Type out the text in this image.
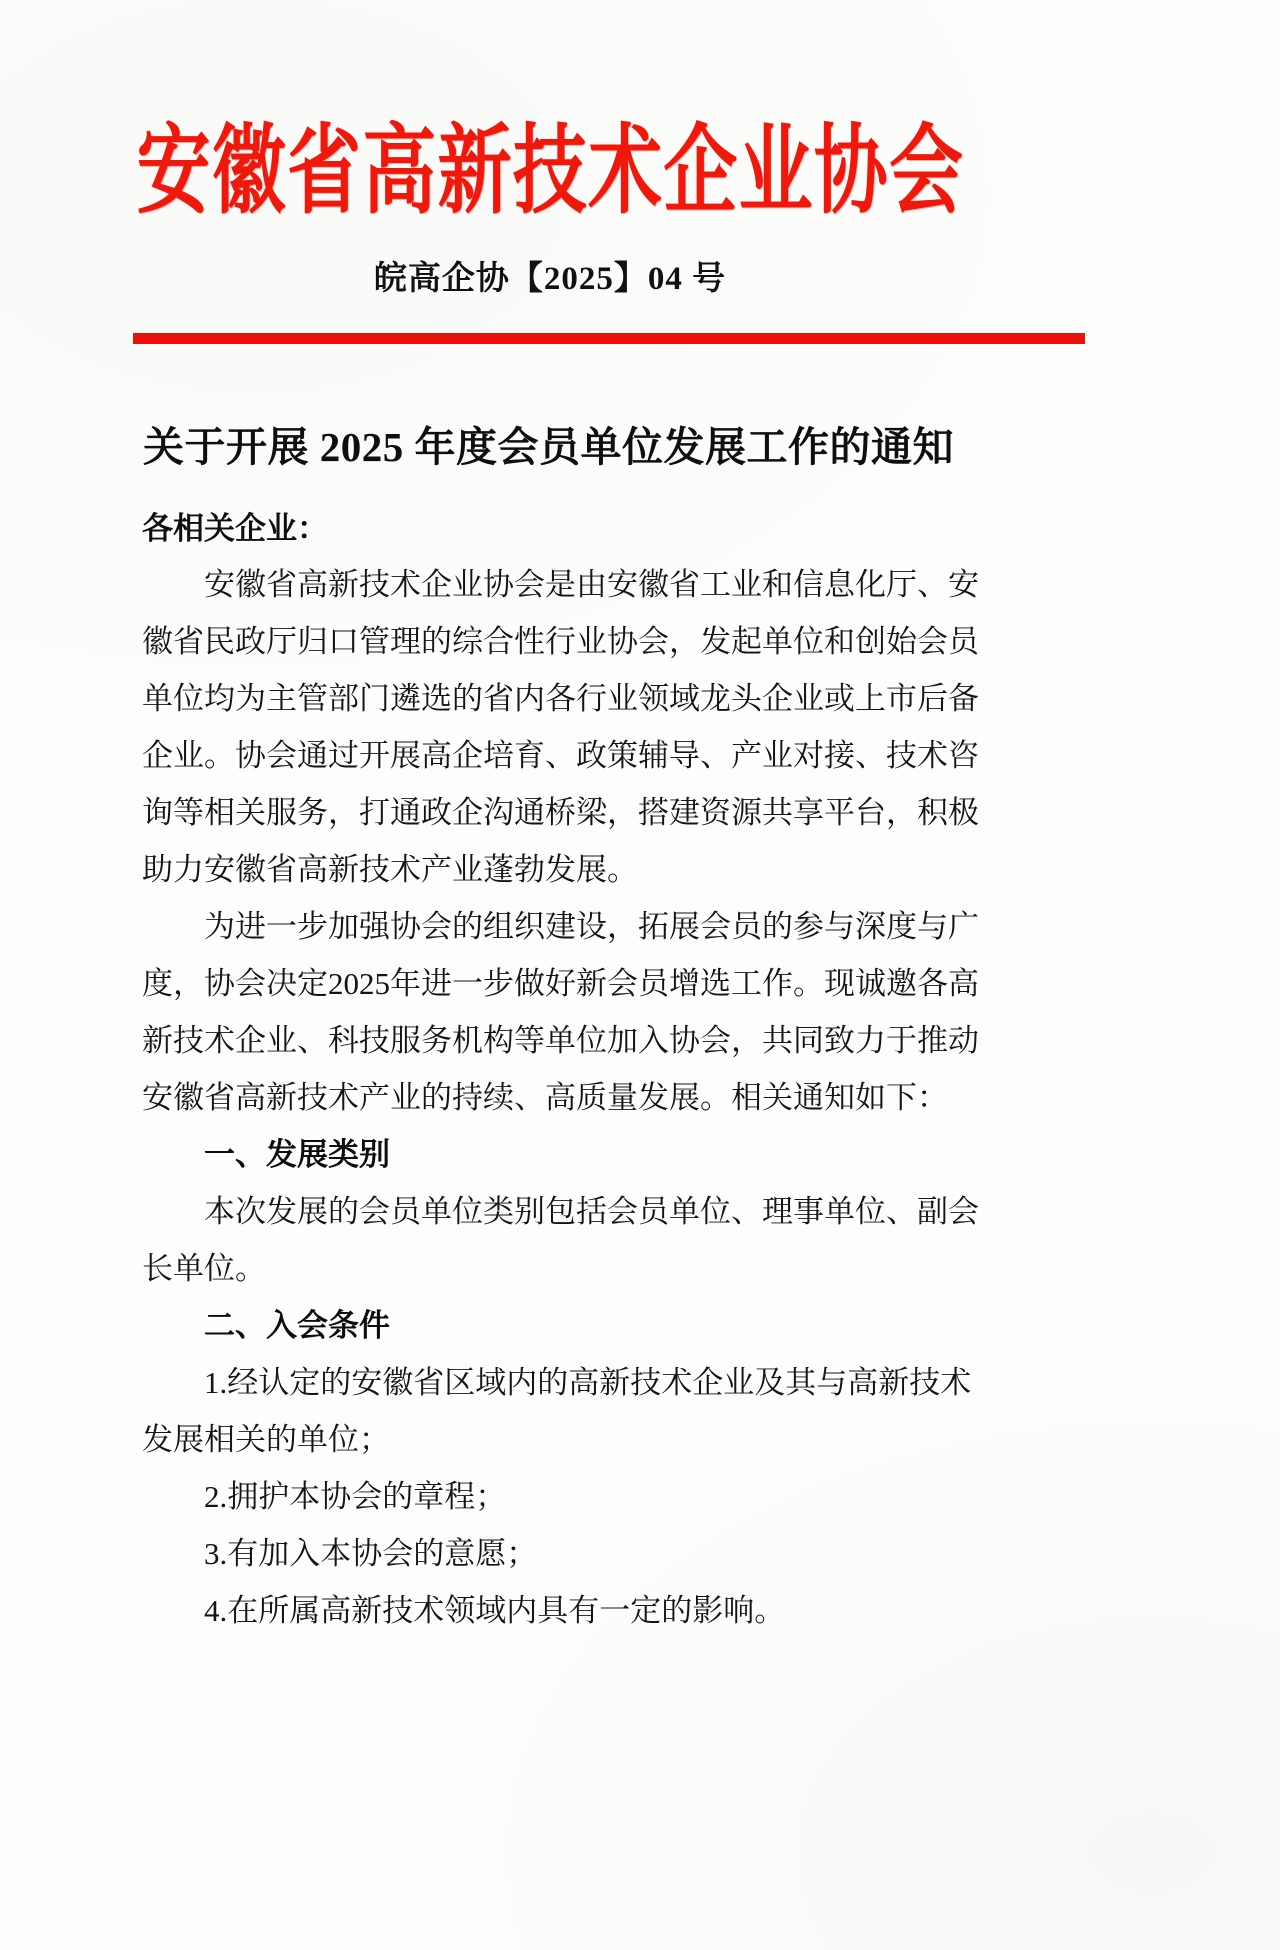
安徽省高新技术企业协会
皖高企协【2025】04 号
关于开展 2025 年度会员单位发展工作的通知
各相关企业：
安徽省高新技术企业协会是由安徽省工业和信息化厅、安
徽省民政厅归口管理的综合性行业协会，发起单位和创始会员
单位均为主管部门遴选的省内各行业领域龙头企业或上市后备
企业。协会通过开展高企培育、政策辅导、产业对接、技术咨
询等相关服务，打通政企沟通桥梁，搭建资源共享平台，积极
助力安徽省高新技术产业蓬勃发展。
为进一步加强协会的组织建设，拓展会员的参与深度与广
度，协会决定2025年进一步做好新会员增选工作。现诚邀各高
新技术企业、科技服务机构等单位加入协会，共同致力于推动
安徽省高新技术产业的持续、高质量发展。相关通知如下：
一、发展类别
本次发展的会员单位类别包括会员单位、理事单位、副会
长单位。
二、入会条件
1.经认定的安徽省区域内的高新技术企业及其与高新技术
发展相关的单位；
2.拥护本协会的章程；
3.有加入本协会的意愿；
4.在所属高新技术领域内具有一定的影响。
